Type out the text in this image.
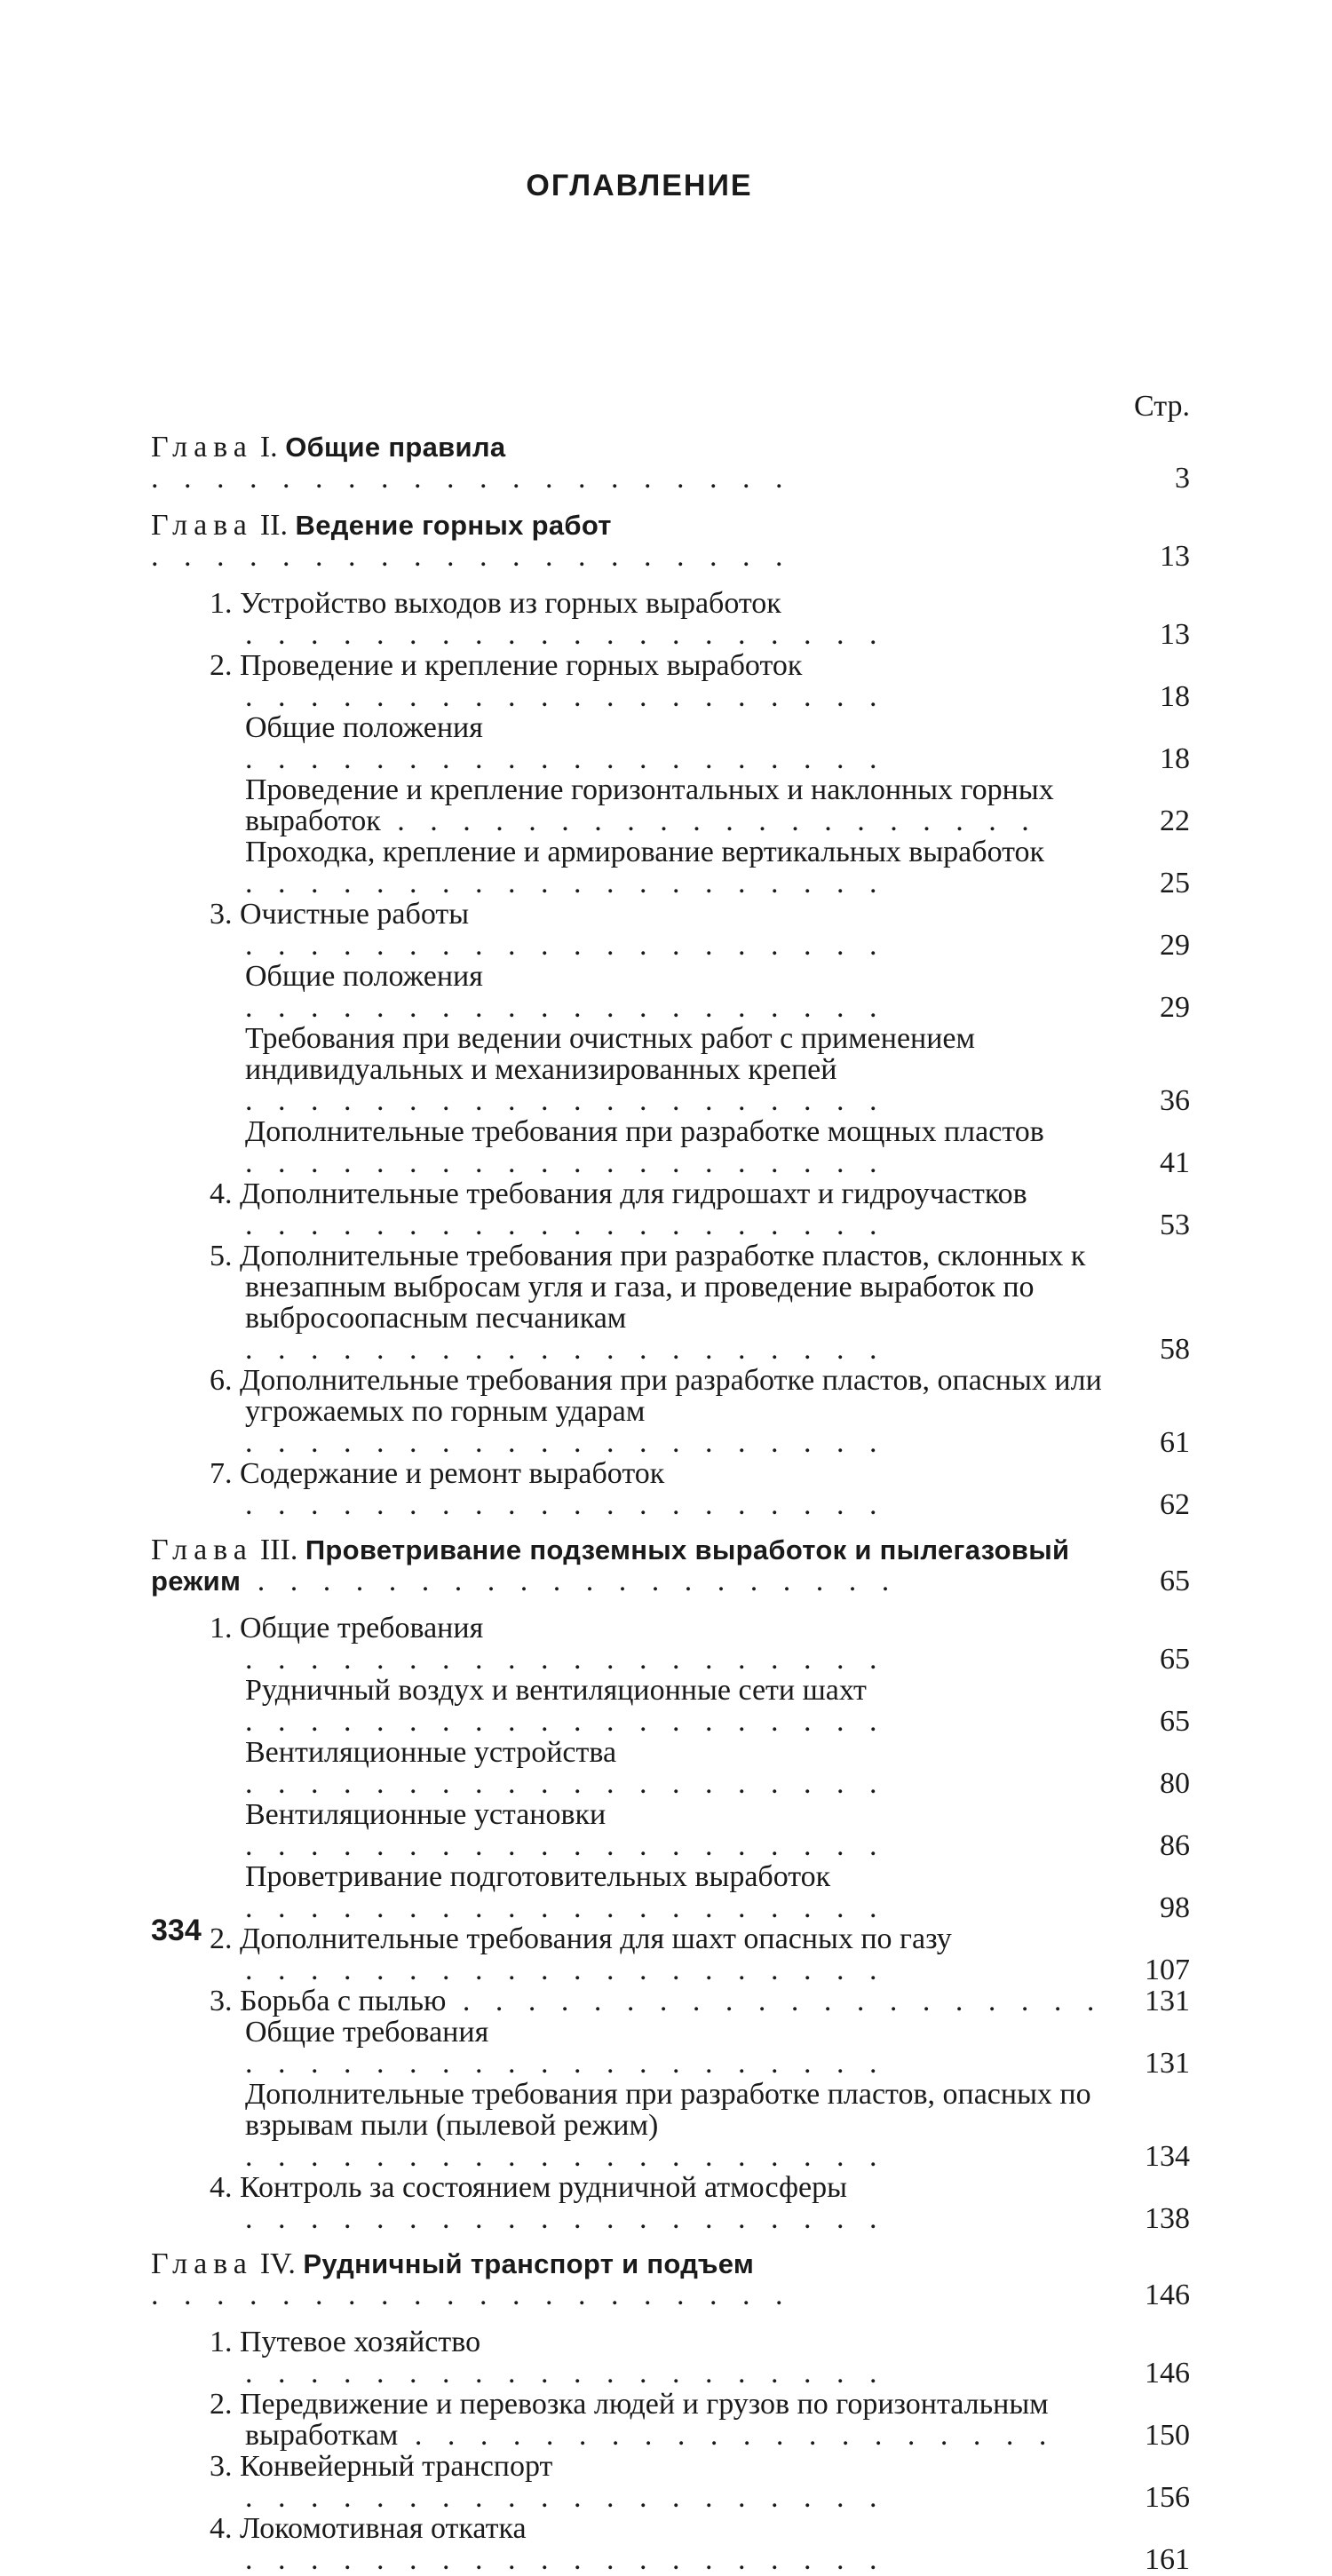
ОГЛАВЛЕНИЕ
Стр.
Глава I. Общие правила . . . . . . . . . . . . . . . . . . . .	3
Глава II. Ведение горных работ . . . . . . . . . . . . . . . . . . . .	13
1. Устройство выходов из горных выработок . . . . . . . . . . . . . . . . . . . .	13
2. Проведение и крепление горных выработок . . . . . . . . . . . . . . . . . . . .	18
Общие положения . . . . . . . . . . . . . . . . . . . .	18
Проведение и крепление горизонтальных и наклонных горных выработок . . . . . . . . . . . . . . . . . . . .	22
Проходка, крепление и армирование вертикальных выработок . . . . . . . . . . . . . . . . . . . .	25
3. Очистные работы . . . . . . . . . . . . . . . . . . . .	29
Общие положения . . . . . . . . . . . . . . . . . . . .	29
Требования при ведении очистных работ с применением индивидуальных и механизированных крепей . . . . . . . . . . . . . . . . . . . .	36
Дополнительные требования при разработке мощных пластов . . . . . . . . . . . . . . . . . . . .	41
4. Дополнительные требования для гидрошахт и гидроучастков . . . . . . . . . . . . . . . . . . . .	53
5. Дополнительные требования при разработке пластов, склонных к внезапным выбросам угля и газа, и проведение выработок по выбросоопасным песчаникам . . . . . . . . . . . . . . . . . . . .	58
6. Дополнительные требования при разработке пластов, опасных или угрожаемых по горным ударам . . . . . . . . . . . . . . . . . . . .	61
7. Содержание и ремонт выработок . . . . . . . . . . . . . . . . . . . .	62
Глава III. Проветривание подземных выработок и пылегазовый режим . . . . . . . . . . . . . . . . . . . .	65
1. Общие требования . . . . . . . . . . . . . . . . . . . .	65
Рудничный воздух и вентиляционные сети шахт . . . . . . . . . . . . . . . . . . . .	65
Вентиляционные устройства . . . . . . . . . . . . . . . . . . . .	80
Вентиляционные установки . . . . . . . . . . . . . . . . . . . .	86
Проветривание подготовительных выработок . . . . . . . . . . . . . . . . . . . .	98
2. Дополнительные требования для шахт опасных по газу . . . . . . . . . . . . . . . . . . . .	107
3. Борьба с пылью . . . . . . . . . . . . . . . . . . . .	131
Общие требования . . . . . . . . . . . . . . . . . . . .	131
Дополнительные требования при разработке пластов, опасных по взрывам пыли (пылевой режим) . . . . . . . . . . . . . . . . . . . .	134
4. Контроль за состоянием рудничной атмосферы . . . . . . . . . . . . . . . . . . . .	138
Глава IV. Рудничный транспорт и подъем . . . . . . . . . . . . . . . . . . . .	146
1. Путевое хозяйство . . . . . . . . . . . . . . . . . . . .	146
2. Передвижение и перевозка людей и грузов по горизонтальным выработкам . . . . . . . . . . . . . . . . . . . .	150
3. Конвейерный транспорт . . . . . . . . . . . . . . . . . . . .	156
4. Локомотивная откатка . . . . . . . . . . . . . . . . . . . .	161
334
